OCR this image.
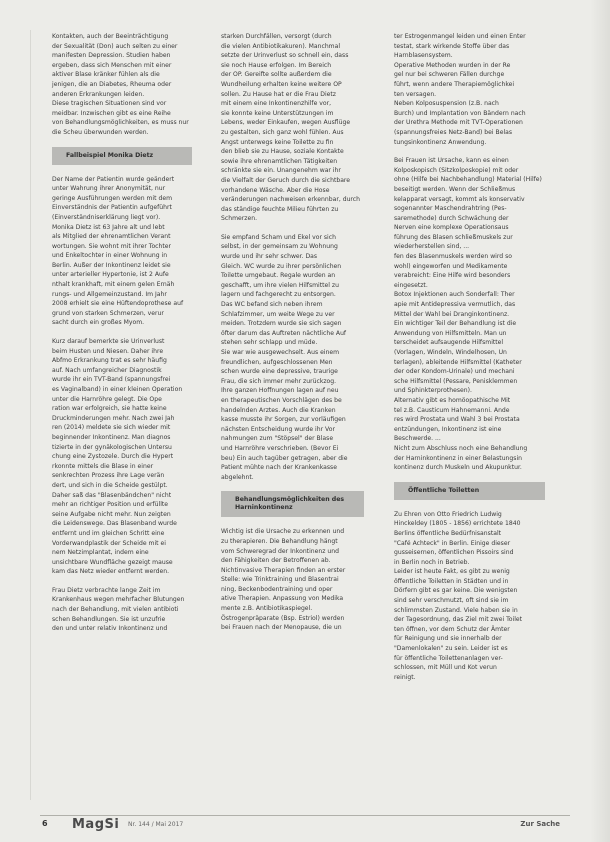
Kontakten, auch der Beeinträchtigung
der Sexualität (Don) auch selten zu einer
manifesten Depression. Studien haben
ergeben, dass sich Menschen mit einer
aktiver Blase kränker fühlen als die
jenigen, die an Diabetes, Rheuma oder
anderen Erkrankungen leiden.
Diese tragischen Situationen sind vor
meidbar. Inzwischen gibt es eine Reihe
von Behandlungsmöglichkeiten, es muss nur
die Scheu überwunden werden.

Fallbeispiel Monika Dietz

Der Name der Patientin wurde geändert
unter Wahrung ihrer Anonymität, nur
geringe Ausführungen werden mit dem
Einverständnis der Patientin aufgeführt
(Einverständniserklärung liegt vor).
Monika Dietz ist 63 Jahre alt und lebt
als Mitglied der ehrenamtlichen Verant
wortungen. Sie wohnt mit ihrer Tochter
und Enkeltochter in einer Wohnung in
Berlin. Außer der Inkontinenz leidet sie
unter arterieller Hypertonie, ist 2 Aufe
nthalt krankhaft, mit einem gelen Ernäh
rungs- und Allgemeinzustand. Im Jahr
2008 erhielt sie eine Hüftendoprothese auf
grund von starken Schmerzen, verur
sacht durch ein großes Myom.

Kurz darauf bemerkte sie Urinverlust
beim Husten und Niesen. Daher ihre
Abfmo Erkrankung trat es sehr häufig
auf. Nach umfangreicher Diagnostik
wurde ihr ein TVT-Band (spannungsfrei
es Vaginalband) in einer kleinen Operation
unter die Harnröhre gelegt. Die Ope
ration war erfolgreich, sie hatte keine
Druckminderungen mehr. Nach zwei Jah
ren (2014) meldete sie sich wieder mit
beginnender Inkontinenz. Man diagnos
tizierte in der gynäkologischen Untersu
chung eine Zystozele. Durch die Hypert
rkonnte mittels die Blase in einer
senkrechten Prozess ihre Lage verän
dert, und sich in die Scheide gestülpt.
Daher saß das "Blasenbändchen" nicht
mehr an richtiger Position und erfüllte
seine Aufgabe nicht mehr. Nun zeigten
die Leidenswege. Das Blasenband wurde
entfernt und im gleichen Schritt eine
Vorderwandplastik der Scheide mit ei
nem Netzimplantat, indem eine
unsichtbare Wundfläche gezeigt mause
kam das Netz wieder entfernt werden.

Frau Dietz verbrachte lange Zeit im
Krankenhaus wegen mehrfacher Blutungen
nach der Behandlung, mit vielen antibioti
schen Behandlungen. Sie ist unzufrie
den und unter relativ Inkontinenz und

starken Durchfällen, versorgt (durch
die vielen Antibiotikakuren). Manchmal
setzte der Urinverlust so schnell ein, dass
sie noch Hause erfolgen. Im Bereich
der OP. Gereifte sollte außerdem die
Wundheilung erhalten keine weitere OP
sollen. Zu Hause hat er die Frau Dietz
mit einem eine Inkontinenzhilfe vor,
sie konnte keine Unterstützungen im
Lebens, weder Einkaufen, wegen Ausflüge
zu gestalten, sich ganz wohl fühlen. Aus
Angst unterwegs keine Toilette zu fin
den blieb sie zu Hause, soziale Kontakte
sowie ihre ehrenamtlichen Tätigkeiten
schränkte sie ein. Unangenehm war ihr
die Vielfalt der Geruch durch die sichtbare
vorhandene Wäsche. Aber die Hose
veränderungen nachweisen erkennbar, durch
das ständige feuchte Milieu führten zu
Schmerzen.

Sie empfand Scham und Ekel vor sich
selbst, in der gemeinsam zu Wohnung
wurde und ihr sehr schwer. Das
Gleich. WC wurde zu ihrer persönlichen
Toilette umgebaut. Regale wurden an
geschafft, um ihre vielen Hilfsmittel zu
lagern und fachgerecht zu entsorgen.
Das WC befand sich neben ihrem
Schlafzimmer, um weite Wege zu ver
meiden. Trotzdem wurde sie sich sagen
öfter darum das Auftreten nächtliche Auf
stehen sehr schlapp und müde.
Sie war wie ausgewechselt. Aus einem
freundlichen, aufgeschlossenen Men
schen wurde eine depressive, traurige
Frau, die sich immer mehr zurückzog.
Ihre ganzen Hoffnungen lagen auf neu
en therapeutischen Vorschlägen des be
handelnden Arztes. Auch die Kranken
kasse musste ihr Sorgen, zur vorläufigen
nächsten Entscheidung wurde ihr Vor
nahmungen zum "Stöpsel" der Blase
und Harnröhre verschrieben. (Bevor Ei
beu) Ein auch tagüber getragen, aber die
Patient mühte nach der Krankenkasse
abgelehnt.

Behandlungsmöglichkeiten des
Harninkontinenz

Wichtig ist die Ursache zu erkennen und
zu therapieren. Die Behandlung hängt
vom Schweregrad der Inkontinenz und
den Fähigkeiten der Betroffenen ab.
Nichtinvasive Therapien finden an erster
Stelle: wie Trinktraining und Blasentrai
ning, Beckenbodentraining und oper
ative Therapien. Anpassung von Medika
mente z.B. Antibiotikaspiegel.
Östrogenpräparate (Bsp. Estriol) werden
bei Frauen nach der Menopause, die un

ter Estrogenmangel leiden und einen Enter
testat, stark wirkende Stoffe über das
Harnblasensystem.
Operative Methoden wurden in der Re
gel nur bei schweren Fällen durchge
führt, wenn andere Therapiemöglichkei
ten versagen.
Neben Kolposuspension (z.B. nach
Burch) und Implantation von Bändern nach
der Urethra Methode mit TVT-Operationen
(spannungsfreies Netz-Band) bei Belas
tungsinkontinenz Anwendung.

Bei Frauen ist Ursache, kann es einen
Kolposkopisch (Sitzkolposkopie) mit oder
ohne (Hilfe bei Nachbehandlung) Material (Hilfe)
beseitigt werden. Wenn der Schließmus
kelapparat versagt, kommt als konservativ
sogenannter Maschendrahtring (Pes-
saremethode) durch Schwächung der
Nerven eine komplexe Operationsaus
führung des Blasen schließmuskels zur
wiederherstellen sind, ...
fen des Blasenmuskels werden wird so
wohl) eingeworfen und Medikamente
verabreicht: Eine Hilfe wird besonders
eingesetzt.
Botox Injektionen auch Sonderfall: Ther
apie mit Antidepressiva vermutlich, das
Mittel der Wahl bei Dranginkontinenz.
Ein wichtiger Teil der Behandlung ist die
Anwendung von Hilfsmitteln. Man un
terscheidet aufsaugende Hilfsmittel
(Vorlagen, Windeln, Windelhosen, Un
terlagen), ableitende Hilfsmittel (Katheter
der oder Kondom-Urinale) und mechani
sche Hilfsmittel (Pessare, Penisklemmen
und Sphinkterprothesen).
Alternativ gibt es homöopathische Mit
tel z.B. Causticum Hahnemanni. Ande
res wird Prostata und Wahl 3 bei Prostata
entzündungen, Inkontinenz ist eine
Beschwerde. ...
Nicht zum Abschluss noch eine Behandlung
der Harninkontinenz in einer Belastungsin
kontinenz durch Muskeln und Akupunktur.

Öffentliche Toiletten

Zu Ehren von Otto Friedrich Ludwig
Hinckeldey (1805 - 1856) errichtete 1840
Berlins öffentliche Bedürfnisanstalt
"Café Achteck" in Berlin. Einige dieser
gusseisernen, öffentlichen Pissoirs sind
in Berlin noch in Betrieb.
Leider ist heute Fakt, es gibt zu wenig
öffentliche Toiletten in Städten und in
Dörfern gibt es gar keine. Die wenigsten
sind sehr verschmutzt, oft sind sie im
schlimmsten Zustand. Viele haben sie in
der Tagesordnung, das Ziel mit zwei Toilet
ten öffnen, vor dem Schutz der Ämter
für Reinigung und sie innerhalb der
"Damenlokalen" zu sein. Leider ist es
für öffentliche Toilettenanlagen ver-
schlossen, mit Müll und Kot verun
reinigt.

6 MagSi Nr. 144 / Mai 2017	Zur Sache
